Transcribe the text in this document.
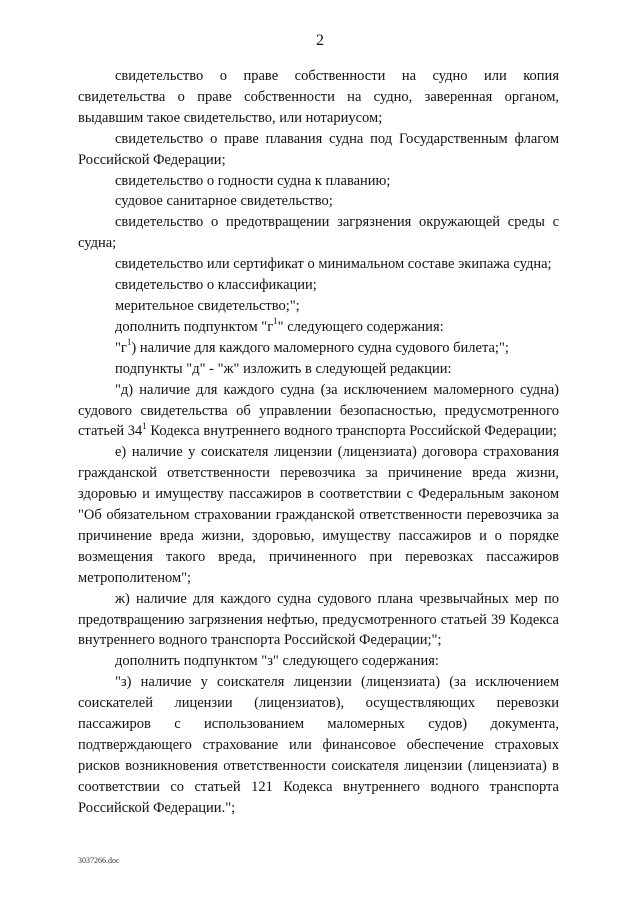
2

свидетельство о праве собственности на судно или копия свидетельства о праве собственности на судно, заверенная органом, выдавшим такое свидетельство, или нотариусом;

свидетельство о праве плавания судна под Государственным флагом Российской Федерации;

свидетельство о годности судна к плаванию;

судовое санитарное свидетельство;

свидетельство о предотвращении загрязнения окружающей среды с судна;

свидетельство или сертификат о минимальном составе экипажа судна;

свидетельство о классификации;

мерительное свидетельство;";

дополнить подпунктом "$г^1$" следующего содержания:

"$г^1$) наличие для каждого маломерного судна судового билета;";

подпункты "д" - "ж" изложить в следующей редакции:

"д) наличие для каждого судна (за исключением маломерного судна) судового свидетельства об управлении безопасностью, предусмотренного статьей $34^1$ Кодекса внутреннего водного транспорта Российской Федерации;

е) наличие у соискателя лицензии (лицензиата) договора страхования гражданской ответственности перевозчика за причинение вреда жизни, здоровью и имуществу пассажиров в соответствии с Федеральным законом "Об обязательном страховании гражданской ответственности перевозчика за причинение вреда жизни, здоровью, имуществу пассажиров и о порядке возмещения такого вреда, причиненного при перевозках пассажиров метрополитеном";

ж) наличие для каждого судна судового плана чрезвычайных мер по предотвращению загрязнения нефтью, предусмотренного статьей 39 Кодекса внутреннего водного транспорта Российской Федерации;";

дополнить подпунктом "з" следующего содержания:

"з) наличие у соискателя лицензии (лицензиата) (за исключением соискателей лицензии (лицензиатов), осуществляющих перевозки пассажиров с использованием маломерных судов) документа, подтверждающего страхование или финансовое обеспечение страховых рисков возникновения ответственности соискателя лицензии (лицензиата) в соответствии со статьей 121 Кодекса внутреннего водного транспорта Российской Федерации.";

3037266.doc
